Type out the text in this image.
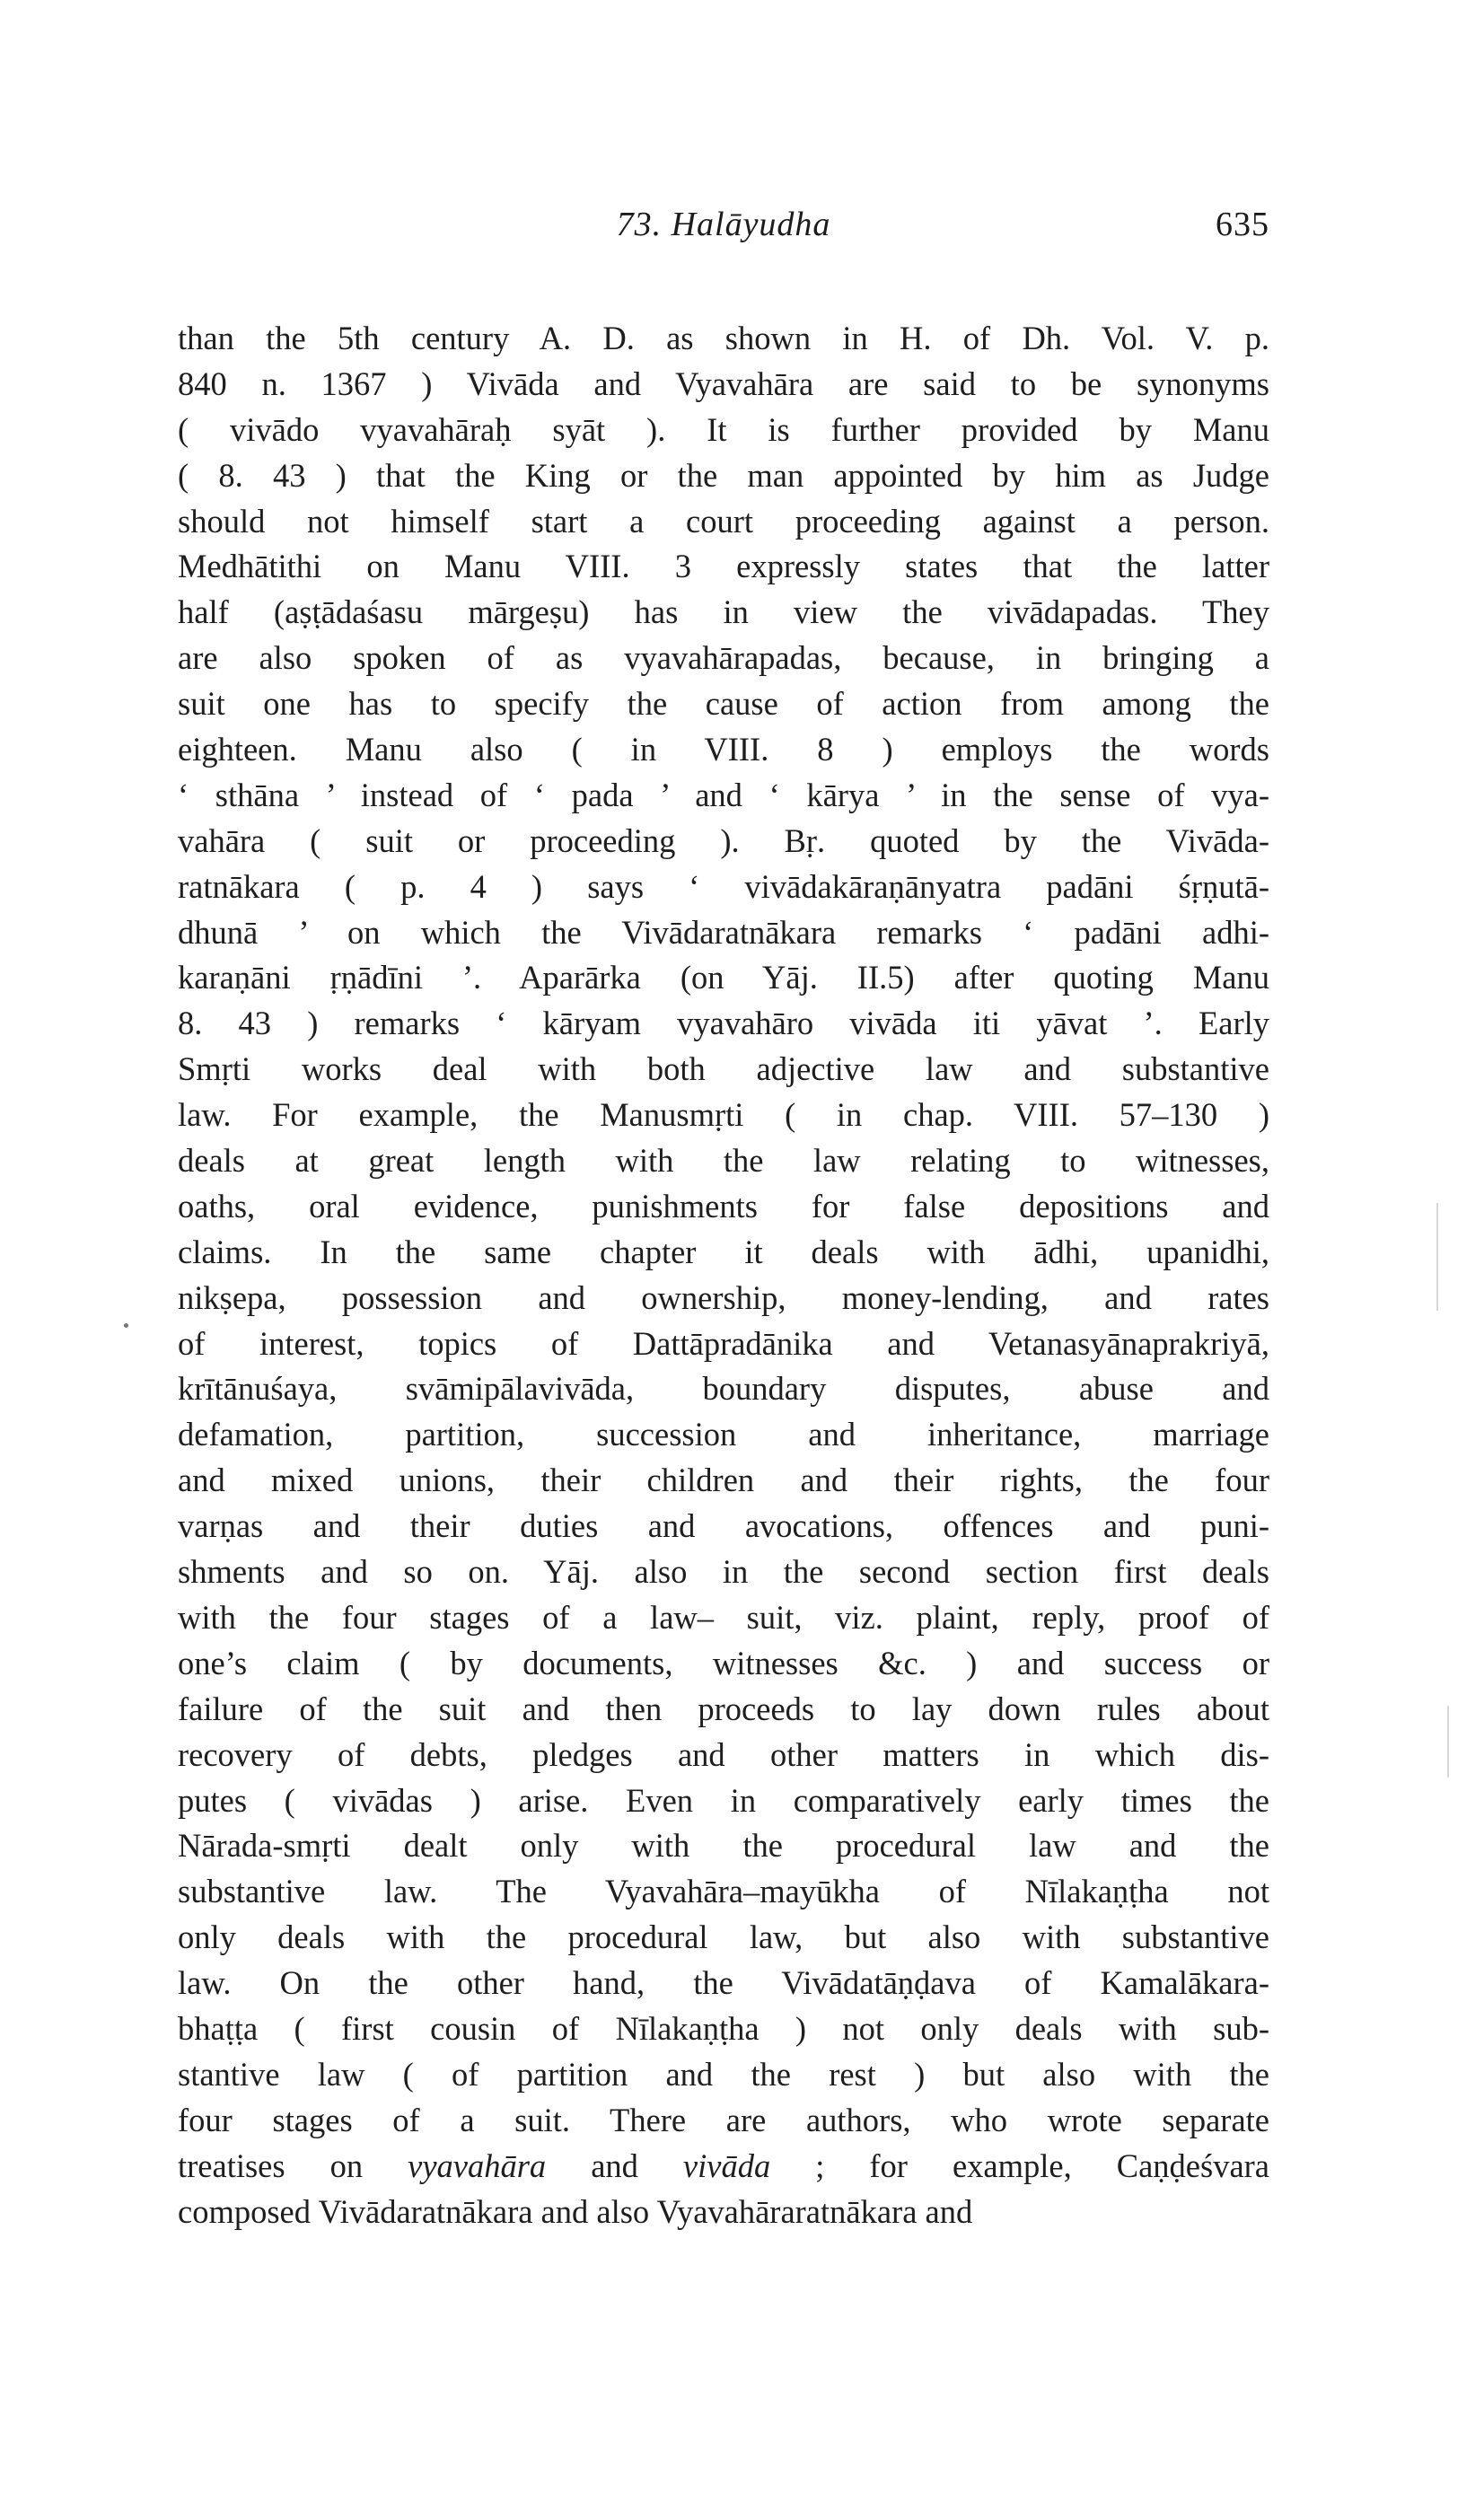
73. Halāyudha	635
than the 5th century A. D. as shown in H. of Dh. Vol. V. p.
840 n. 1367 ) Vivāda and Vyavahāra are said to be synonyms
( vivādo vyavahāraḥ syāt ). It is further provided by Manu
( 8. 43 ) that the King or the man appointed by him as Judge
should not himself start a court proceeding against a person.
Medhātithi on Manu VIII. 3 expressly states that the latter
half (aṣṭādaśasu mārgeṣu) has in view the vivādapadas. They
are also spoken of as vyavahārapadas, because, in bringing a
suit one has to specify the cause of action from among the
eighteen. Manu also ( in VIII. 8 ) employs the words
‘ sthāna ’ instead of ‘ pada ’ and ‘ kārya ’ in the sense of vya-
vahāra ( suit or proceeding ). Bṛ. quoted by the Vivāda-
ratnākara ( p. 4 ) says ‘ vivādakāraṇānyatra padāni śṛṇutā-
dhunā ’ on which the Vivādaratnākara remarks ‘ padāni adhi-
karaṇāni ṛṇādīni ’. Aparārka (on Yāj. II.5) after quoting Manu
8. 43 ) remarks ‘ kāryam vyavahāro vivāda iti yāvat ’. Early
Smṛti works deal with both adjective law and substantive
law. For example, the Manusmṛti ( in chap. VIII. 57–130 )
deals at great length with the law relating to witnesses,
oaths, oral evidence, punishments for false depositions and
claims. In the same chapter it deals with ādhi, upanidhi,
nikṣepa, possession and ownership, money-lending, and rates
of interest, topics of Dattāpradānika and Vetanasyānaprakriyā,
krītānuśaya, svāmipālavivāda, boundary disputes, abuse and
defamation, partition, succession and inheritance, marriage
and mixed unions, their children and their rights, the four
varṇas and their duties and avocations, offences and puni-
shments and so on. Yāj. also in the second section first deals
with the four stages of a law– suit, viz. plaint, reply, proof of
one’s claim ( by documents, witnesses &c. ) and success or
failure of the suit and then proceeds to lay down rules about
recovery of debts, pledges and other matters in which dis-
putes ( vivādas ) arise. Even in comparatively early times the
Nārada-smṛti dealt only with the procedural law and the
substantive law. The Vyavahāra–mayūkha of Nīlakaṇṭha not
only deals with the procedural law, but also with substantive
law. On the other hand, the Vivādatāṇḍava of Kamalākara-
bhaṭṭa ( first cousin of Nīlakaṇṭha ) not only deals with sub-
stantive law ( of partition and the rest ) but also with the
four stages of a suit. There are authors, who wrote separate
treatises on vyavahāra and vivāda ; for example, Caṇḍeśvara
composed Vivādaratnākara and also Vyavahāraratnākara and
